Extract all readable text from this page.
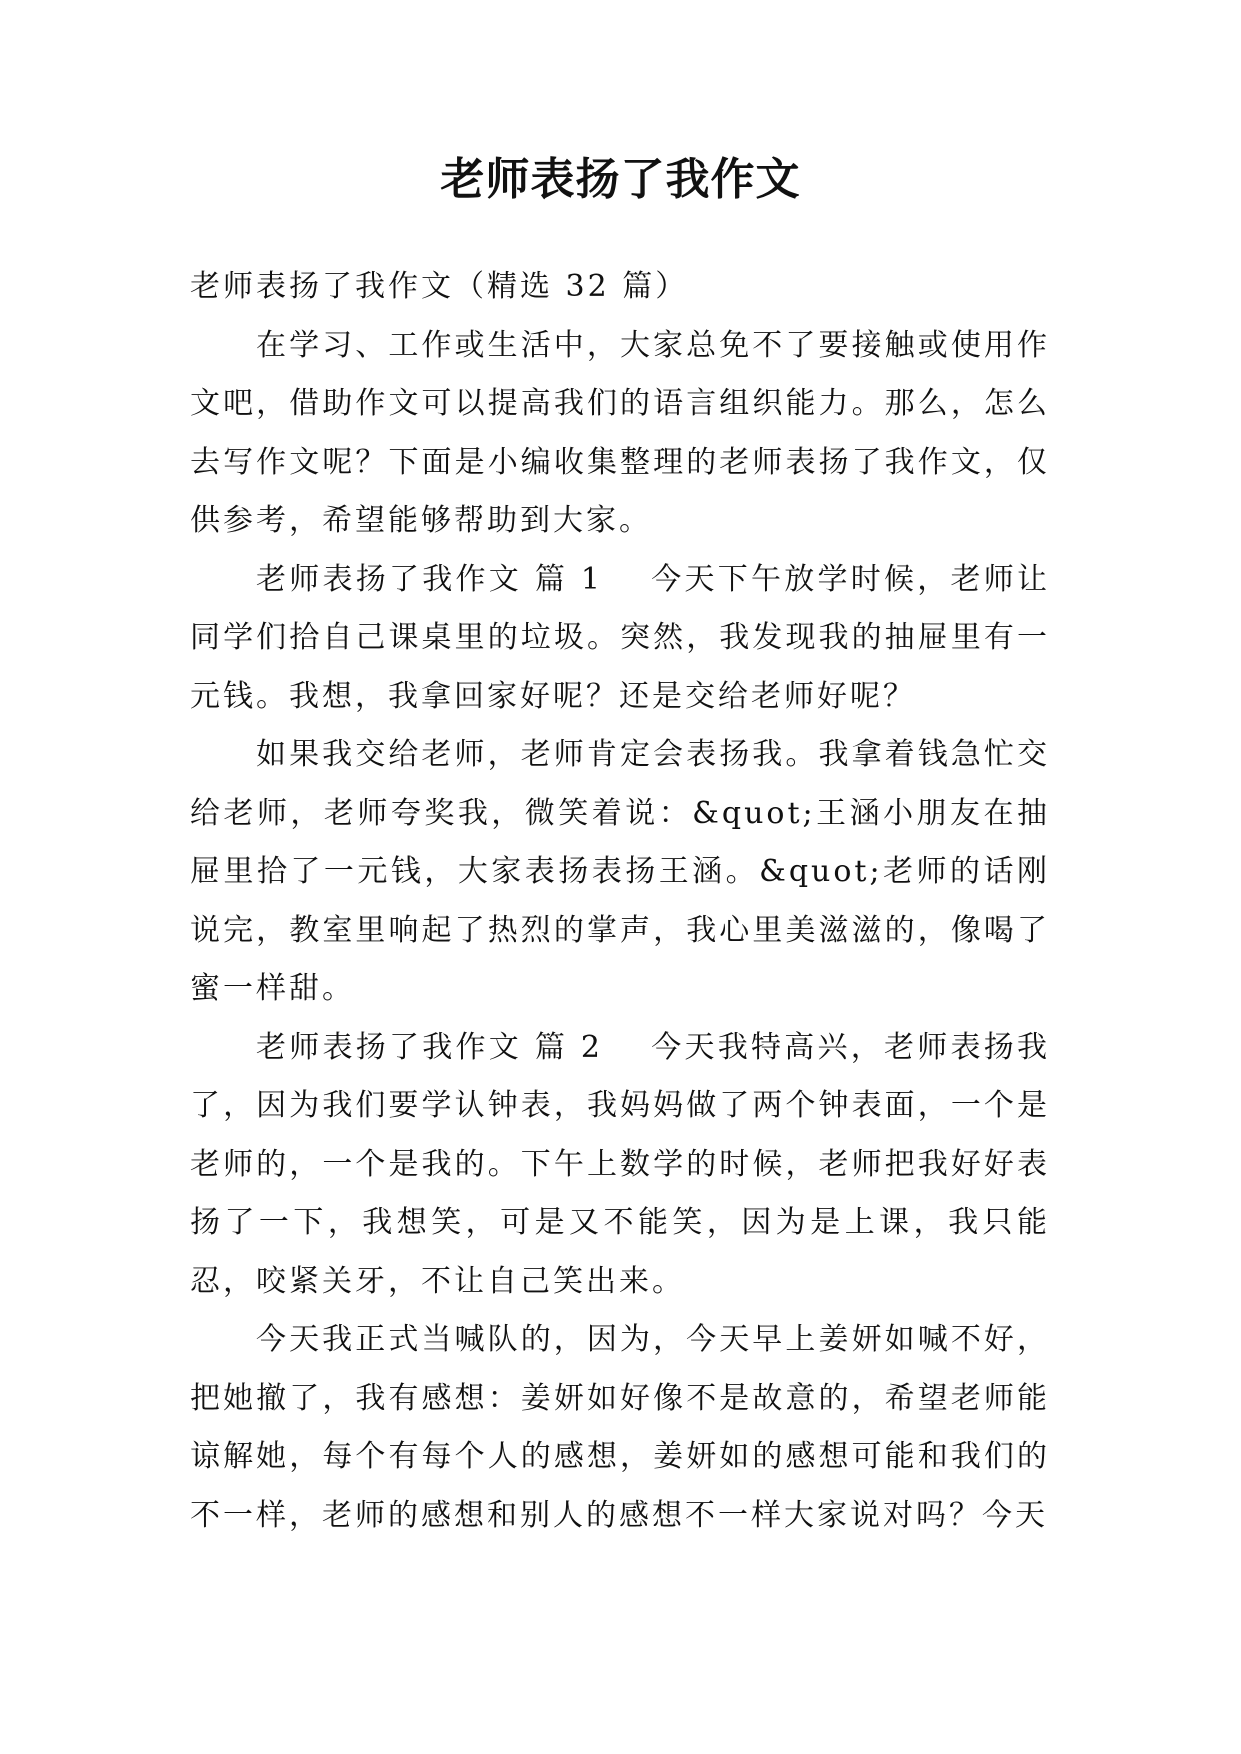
老师表扬了我作文

老师表扬了我作文（精选 32 篇）

在学习、工作或生活中，大家总免不了要接触或使用作文吧，借助作文可以提高我们的语言组织能力。那么，怎么去写作文呢？下面是小编收集整理的老师表扬了我作文，仅供参考，希望能够帮助到大家。

老师表扬了我作文 篇 1 今天下午放学时候，老师让同学们拾自己课桌里的垃圾。突然，我发现我的抽屉里有一元钱。我想，我拿回家好呢？还是交给老师好呢？

如果我交给老师，老师肯定会表扬我。我拿着钱急忙交给老师，老师夸奖我，微笑着说：&quot;王涵小朋友在抽屉里拾了一元钱，大家表扬表扬王涵。&quot;老师的话刚说完，教室里响起了热烈的掌声，我心里美滋滋的，像喝了蜜一样甜。

老师表扬了我作文 篇 2 今天我特高兴，老师表扬我了，因为我们要学认钟表，我妈妈做了两个钟表面，一个是老师的，一个是我的。下午上数学的时候，老师把我好好表扬了一下，我想笑，可是又不能笑，因为是上课，我只能忍，咬紧关牙，不让自己笑出来。

今天我正式当喊队的，因为，今天早上姜妍如喊不好，把她撤了，我有感想：姜妍如好像不是故意的，希望老师能谅解她，每个有每个人的感想，姜妍如的感想可能和我们的不一样，老师的感想和别人的感想不一样大家说对吗？今天
